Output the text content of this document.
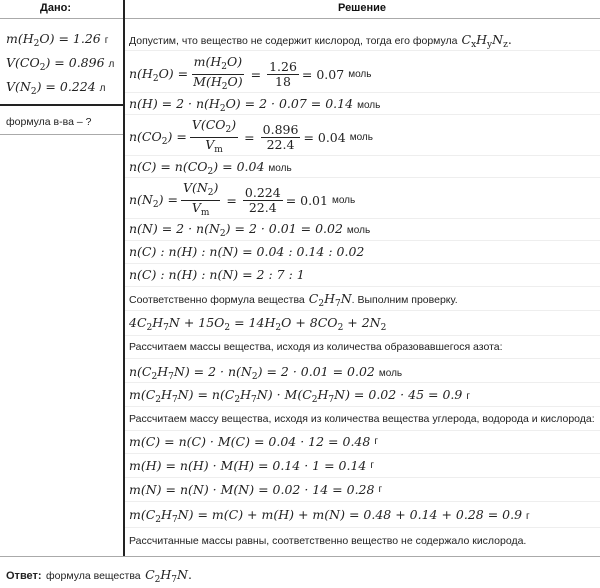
Дано:	Решение
$m(H_2O) = 1.26$ г
$V(CO_2) = 0.896$ л
$V(N_2) = 0.224$ л
формула в-ва – ?
Допустим, что вещество не содержит кислород, тогда его формула $C_xH_yN_z$.
$n(H_2O) = \frac{m(H_2O)}{M(H_2O)} = \frac{1.26}{18} = 0.07$ моль
$n(H) = 2 \cdot n(H_2O) = 2 \cdot 0.07 = 0.14$ моль
$n(CO_2) = \frac{V(CO_2)}{V_m} = \frac{0.896}{22.4} = 0.04$ моль
$n(C) = n(CO_2) = 0.04$ моль
$n(N_2) = \frac{V(N_2)}{V_m} = \frac{0.224}{22.4} = 0.01$ моль
$n(N) = 2 \cdot n(N_2) = 2 \cdot 0.01 = 0.02$ моль
n(C) : n(H) : n(N) = 0.04 : 0.14 : 0.02
n(C) : n(H) : n(N) = 2 : 7 : 1
Соответственно формула вещества $C_2H_7N$ . Выполним проверку.
$4C_2H_7N + 15O_2 = 14H_2O + 8CO_2 + 2N_2$
Рассчитаем массы вещества, исходя из количества образовавшегося азота:
$n(C_2H_7N) = 2 \cdot n(N_2) = 2 \cdot 0.01 = 0.02$ моль
$m(C_2H_7N) = n(C_2H_7N) \cdot M(C_2H_7N) = 0.02 \cdot 45 = 0.9$ г
Рассчитаем массу вещества, исходя из количества вещества углерода, водорода и кислорода:
m(C) = n(C) · M(C) = 0.04 · 12 = 0.48 г
m(H) = n(H) · M(H) = 0.14 · 1 = 0.14 г
m(N) = n(N) · M(N) = 0.02 · 14 = 0.28 г
$m(C_2H_7N) = m(C) + m(H) + m(N) = 0.48 + 0.14 + 0.28 = 0.9$ г
Рассчитанные массы равны, соответственно вещество не содержало кислорода.
Ответ: формула вещества $C_2H_7N$.
